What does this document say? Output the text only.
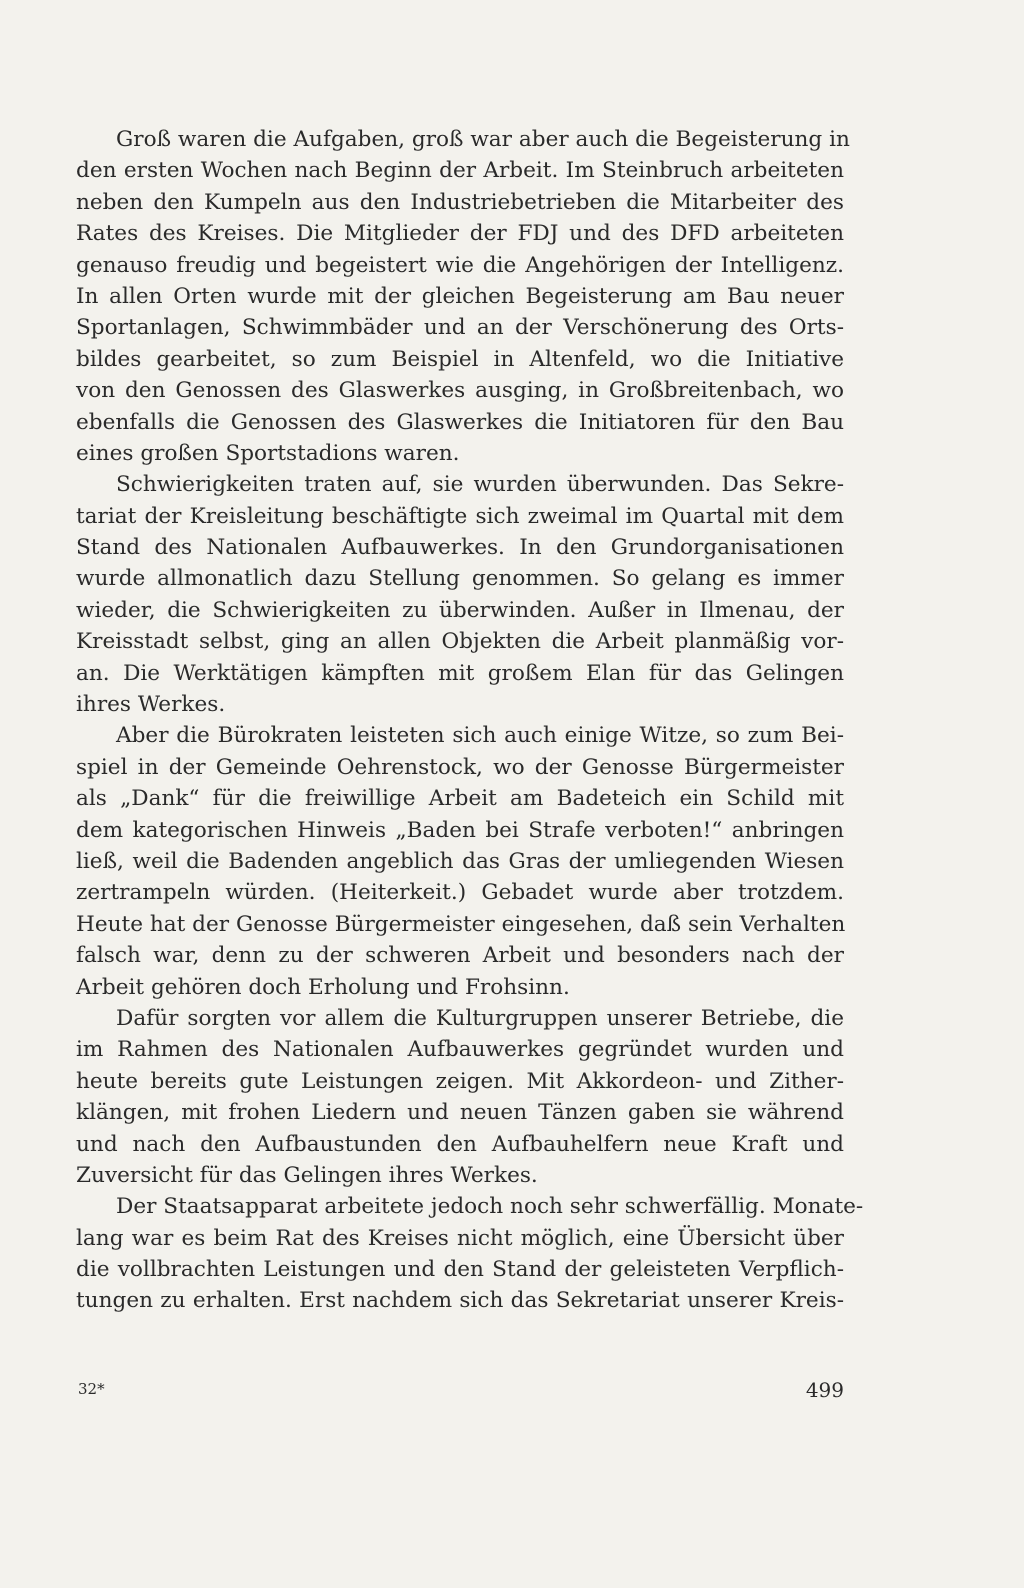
Groß waren die Aufgaben, groß war aber auch die Begeisterung in
den ersten Wochen nach Beginn der Arbeit. Im Steinbruch arbeiteten
neben den Kumpeln aus den Industriebetrieben die Mitarbeiter des
Rates des Kreises. Die Mitglieder der FDJ und des DFD arbeiteten
genauso freudig und begeistert wie die Angehörigen der Intelligenz.
In allen Orten wurde mit der gleichen Begeisterung am Bau neuer
Sportanlagen, Schwimmbäder und an der Verschönerung des Orts-
bildes gearbeitet, so zum Beispiel in Altenfeld, wo die Initiative
von den Genossen des Glaswerkes ausging, in Großbreitenbach, wo
ebenfalls die Genossen des Glaswerkes die Initiatoren für den Bau
eines großen Sportstadions waren.
Schwierigkeiten traten auf, sie wurden überwunden. Das Sekre-
tariat der Kreisleitung beschäftigte sich zweimal im Quartal mit dem
Stand des Nationalen Aufbauwerkes. In den Grundorganisationen
wurde allmonatlich dazu Stellung genommen. So gelang es immer
wieder, die Schwierigkeiten zu überwinden. Außer in Ilmenau, der
Kreisstadt selbst, ging an allen Objekten die Arbeit planmäßig vor-
an. Die Werktätigen kämpften mit großem Elan für das Gelingen
ihres Werkes.
Aber die Bürokraten leisteten sich auch einige Witze, so zum Bei-
spiel in der Gemeinde Oehrenstock, wo der Genosse Bürgermeister
als „Dank“ für die freiwillige Arbeit am Badeteich ein Schild mit
dem kategorischen Hinweis „Baden bei Strafe verboten!“ anbringen
ließ, weil die Badenden angeblich das Gras der umliegenden Wiesen
zertrampeln würden. (Heiterkeit.) Gebadet wurde aber trotzdem.
Heute hat der Genosse Bürgermeister eingesehen, daß sein Verhalten
falsch war, denn zu der schweren Arbeit und besonders nach der
Arbeit gehören doch Erholung und Frohsinn.
Dafür sorgten vor allem die Kulturgruppen unserer Betriebe, die
im Rahmen des Nationalen Aufbauwerkes gegründet wurden und
heute bereits gute Leistungen zeigen. Mit Akkordeon- und Zither-
klängen, mit frohen Liedern und neuen Tänzen gaben sie während
und nach den Aufbaustunden den Aufbauhelfern neue Kraft und
Zuversicht für das Gelingen ihres Werkes.
Der Staatsapparat arbeitete jedoch noch sehr schwerfällig. Monate-
lang war es beim Rat des Kreises nicht möglich, eine Übersicht über
die vollbrachten Leistungen und den Stand der geleisteten Verpflich-
tungen zu erhalten. Erst nachdem sich das Sekretariat unserer Kreis-
32*	499
